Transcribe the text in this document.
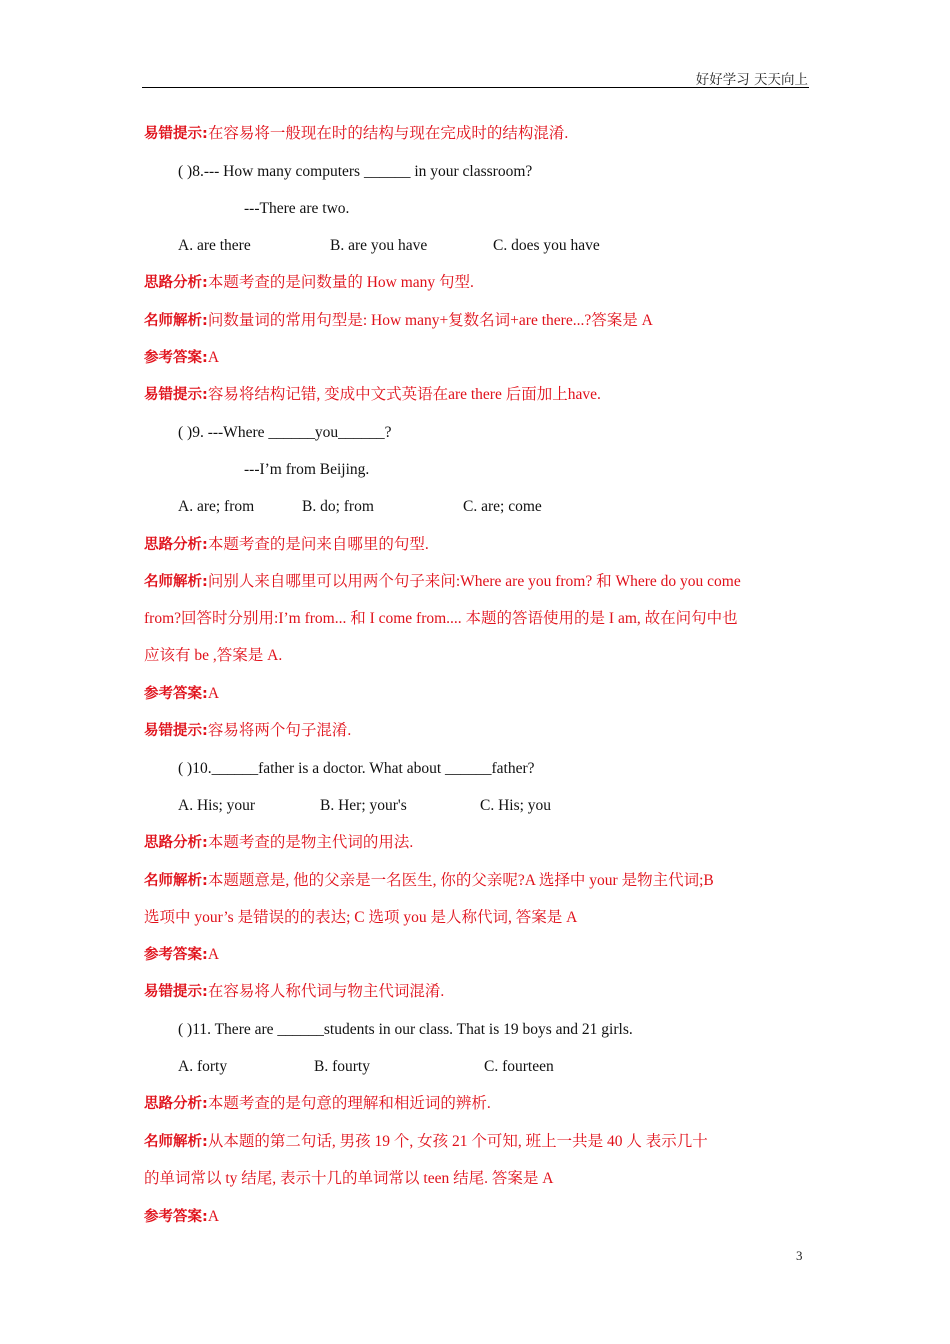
好好学习 天天向上
易错提示:在容易将一般现在时的结构与现在完成时的结构混淆.
( )8.--- How many computers ______ in your classroom?
---There are two.
A. are there	B. are you have	C. does you have
思路分析:本题考查的是问数量的 How many 句型.
名师解析:问数量词的常用句型是: How many+复数名词+are there...?答案是 A
参考答案:A
易错提示:容易将结构记错, 变成中文式英语在are there 后面加上have.
( )9. ---Where ______you______?
---I’m from Beijing.
A. are; from	B. do; from	C. are; come
思路分析:本题考查的是问来自哪里的句型.
名师解析:问别人来自哪里可以用两个句子来问:Where are you from? 和 Where do you come
from?回答时分别用:I’m from... 和 I come from.... 本题的答语使用的是 I am, 故在问句中也
应该有 be ,答案是 A.
参考答案:A
易错提示:容易将两个句子混淆.
( )10.______father is a doctor. What about ______father?
A. His; your	B. Her; your's	C. His; you
思路分析:本题考查的是物主代词的用法.
名师解析:本题题意是, 他的父亲是一名医生, 你的父亲呢?A 选择中 your 是物主代词;B
选项中 your’s 是错误的的表达; C 选项 you 是人称代词, 答案是 A
参考答案:A
易错提示:在容易将人称代词与物主代词混淆.
( )11. There are ______students in our class. That is 19 boys and 21 girls.
A. forty	B. fourty	C. fourteen
思路分析:本题考查的是句意的理解和相近词的辨析.
名师解析:从本题的第二句话, 男孩 19 个, 女孩 21 个可知, 班上一共是 40 人 表示几十
的单词常以 ty 结尾, 表示十几的单词常以 teen 结尾. 答案是 A
参考答案:A
3
